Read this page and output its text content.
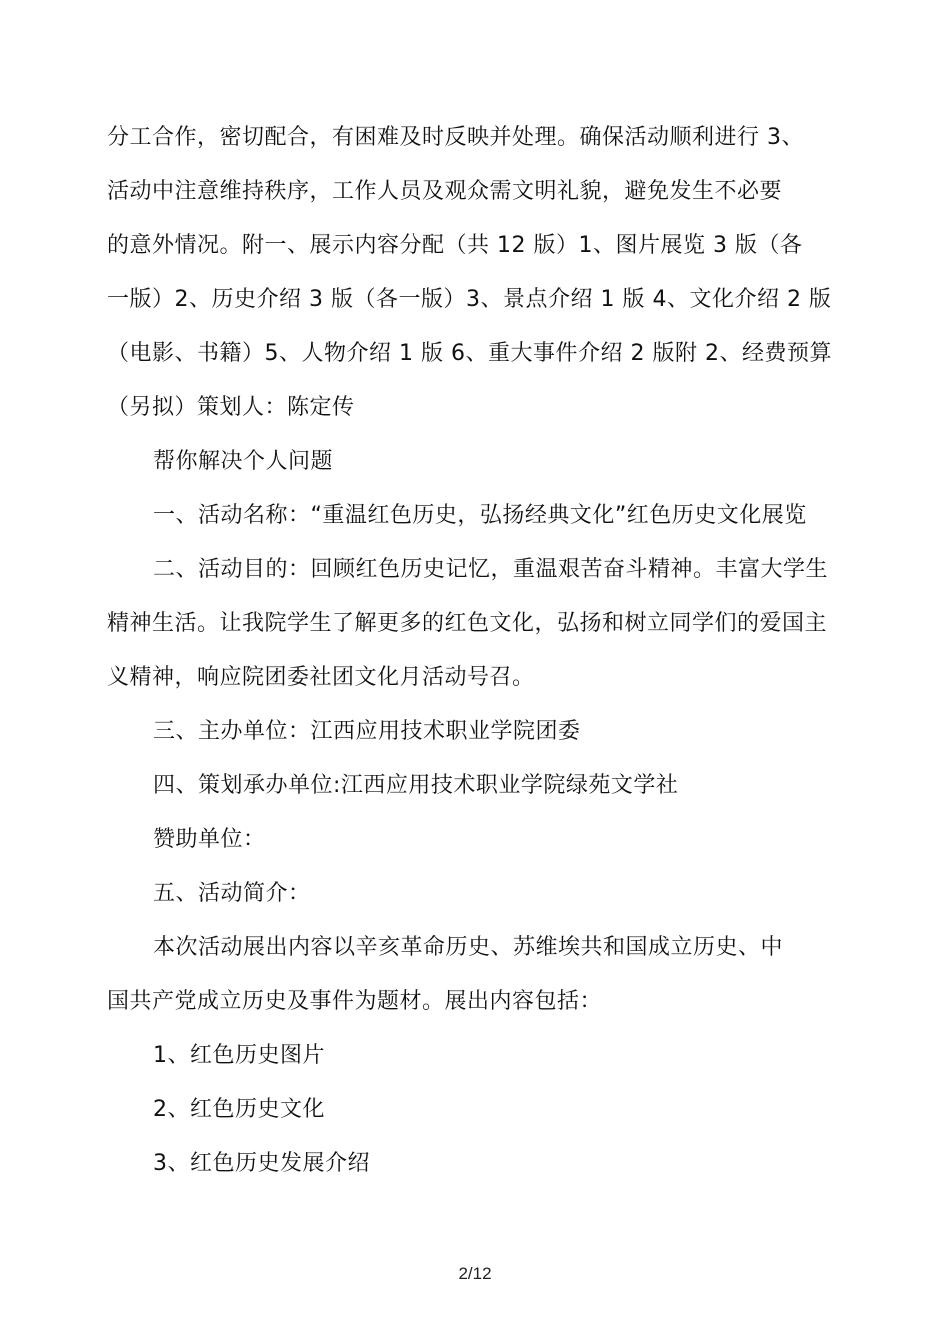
分工合作，密切配合，有困难及时反映并处理。确保活动顺利进行 3、
活动中注意维持秩序，工作人员及观众需文明礼貌，避免发生不必要
的意外情况。附一、展示内容分配（共 12 版）1、图片展览 3 版（各
一版）2、历史介绍 3 版（各一版）3、景点介绍 1 版 4、文化介绍 2 版
（电影、书籍）5、人物介绍 1 版 6、重大事件介绍 2 版附 2、经费预算
（另拟）策划人：陈定传
帮你解决个人问题
一、活动名称：“重温红色历史，弘扬经典文化”红色历史文化展览
二、活动目的：回顾红色历史记忆，重温艰苦奋斗精神。丰富大学生
精神生活。让我院学生了解更多的红色文化，弘扬和树立同学们的爱国主
义精神，响应院团委社团文化月活动号召。
三、主办单位：江西应用技术职业学院团委
四、策划承办单位:江西应用技术职业学院绿苑文学社
赞助单位：
五、活动简介：
本次活动展出内容以辛亥革命历史、苏维埃共和国成立历史、中
国共产党成立历史及事件为题材。展出内容包括：
1、红色历史图片
2、红色历史文化
3、红色历史发展介绍
2/12
